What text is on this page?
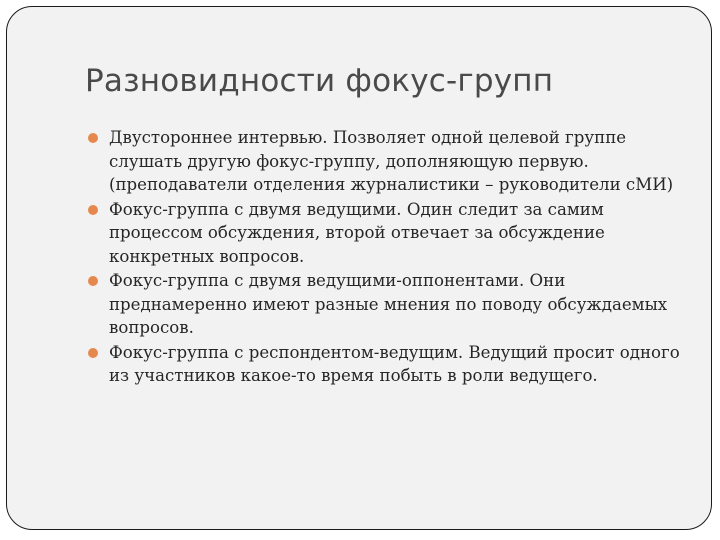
Разновидности фокус-групп
Двустороннее интервью. Позволяет одной целевой группе слушать другую фокус-группу, дополняющую первую. (преподаватели отделения журналистики – руководители сМИ)
Фокус-группа с двумя ведущими. Один следит за самим процессом обсуждения, второй отвечает за обсуждение конкретных вопросов.
Фокус-группа с двумя ведущими-оппонентами. Они преднамеренно имеют разные мнения по поводу обсуждаемых вопросов.
Фокус-группа с респондентом-ведущим. Ведущий просит одного из участников какое-то время побыть в роли ведущего.
